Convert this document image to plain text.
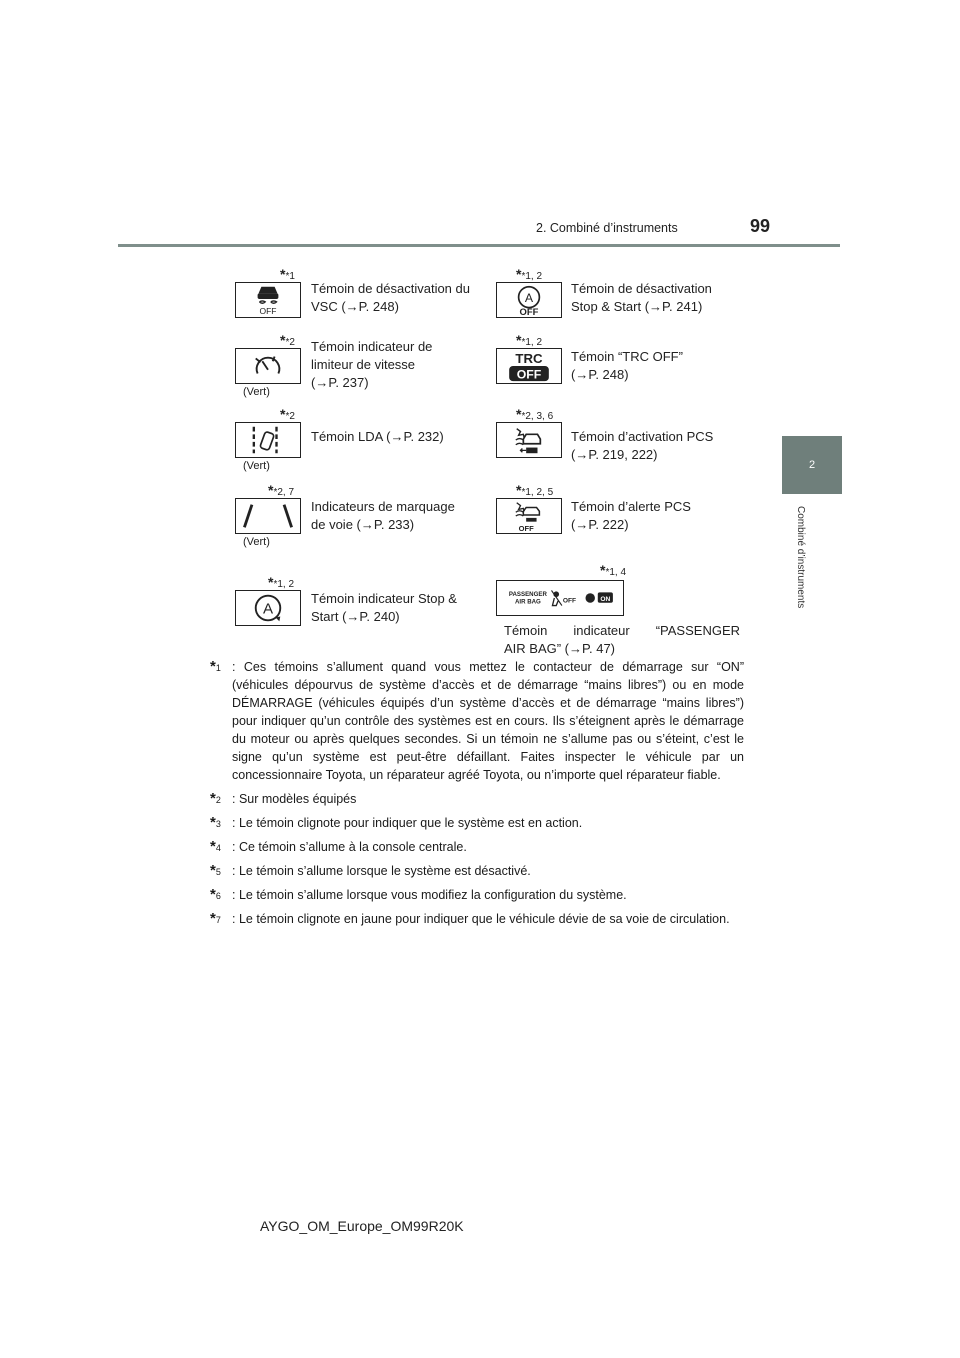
2. Combiné d’instruments	99
2
Combiné d’instruments
**1
OFF
Témoin de désactivation du
VSC (→P. 248)
**1, 2
A
OFF
Témoin de désactivation
Stop & Start (→P. 241)
**2
(Vert)
Témoin indicateur de
limiteur de vitesse
(→P. 237)
**1, 2
TRC
OFF
Témoin “TRC OFF”
(→P. 248)
**2
(Vert)
Témoin LDA (→P. 232)
**2, 3, 6
Témoin d’activation PCS
(→P. 219, 222)
**2, 7
(Vert)
Indicateurs de marquage
de voie (→P. 233)
**1, 2, 5
OFF
Témoin d’alerte PCS
(→P. 222)
**1, 2
A
Témoin indicateur Stop &
Start (→P. 240)
**1, 4
PASSENGER
AIR BAG	OFF	ON
Témoin indicateur “PASSENGER
AIR BAG” (→P. 47)
*1 : Ces témoins s’allument quand vous mettez le contacteur de démarrage sur “ON” (véhicules dépourvus de système d’accès et de démarrage “mains libres”) ou en mode DÉMARRAGE (véhicules équipés d’un système d’accès et de démarrage “mains libres”) pour indiquer qu’un contrôle des systèmes est en cours. Ils s’éteignent après le démarrage du moteur ou après quelques secondes. Si un témoin ne s’allume pas ou s’éteint, c’est le signe qu’un système est peut-être défaillant. Faites inspecter le véhicule par un concessionnaire Toyota, un réparateur agréé Toyota, ou n’importe quel réparateur fiable.
*2 : Sur modèles équipés
*3 : Le témoin clignote pour indiquer que le système est en action.
*4 : Ce témoin s’allume à la console centrale.
*5 : Le témoin s’allume lorsque le système est désactivé.
*6 : Le témoin s’allume lorsque vous modifiez la configuration du système.
*7 : Le témoin clignote en jaune pour indiquer que le véhicule dévie de sa voie de circulation.
AYGO_OM_Europe_OM99R20K
